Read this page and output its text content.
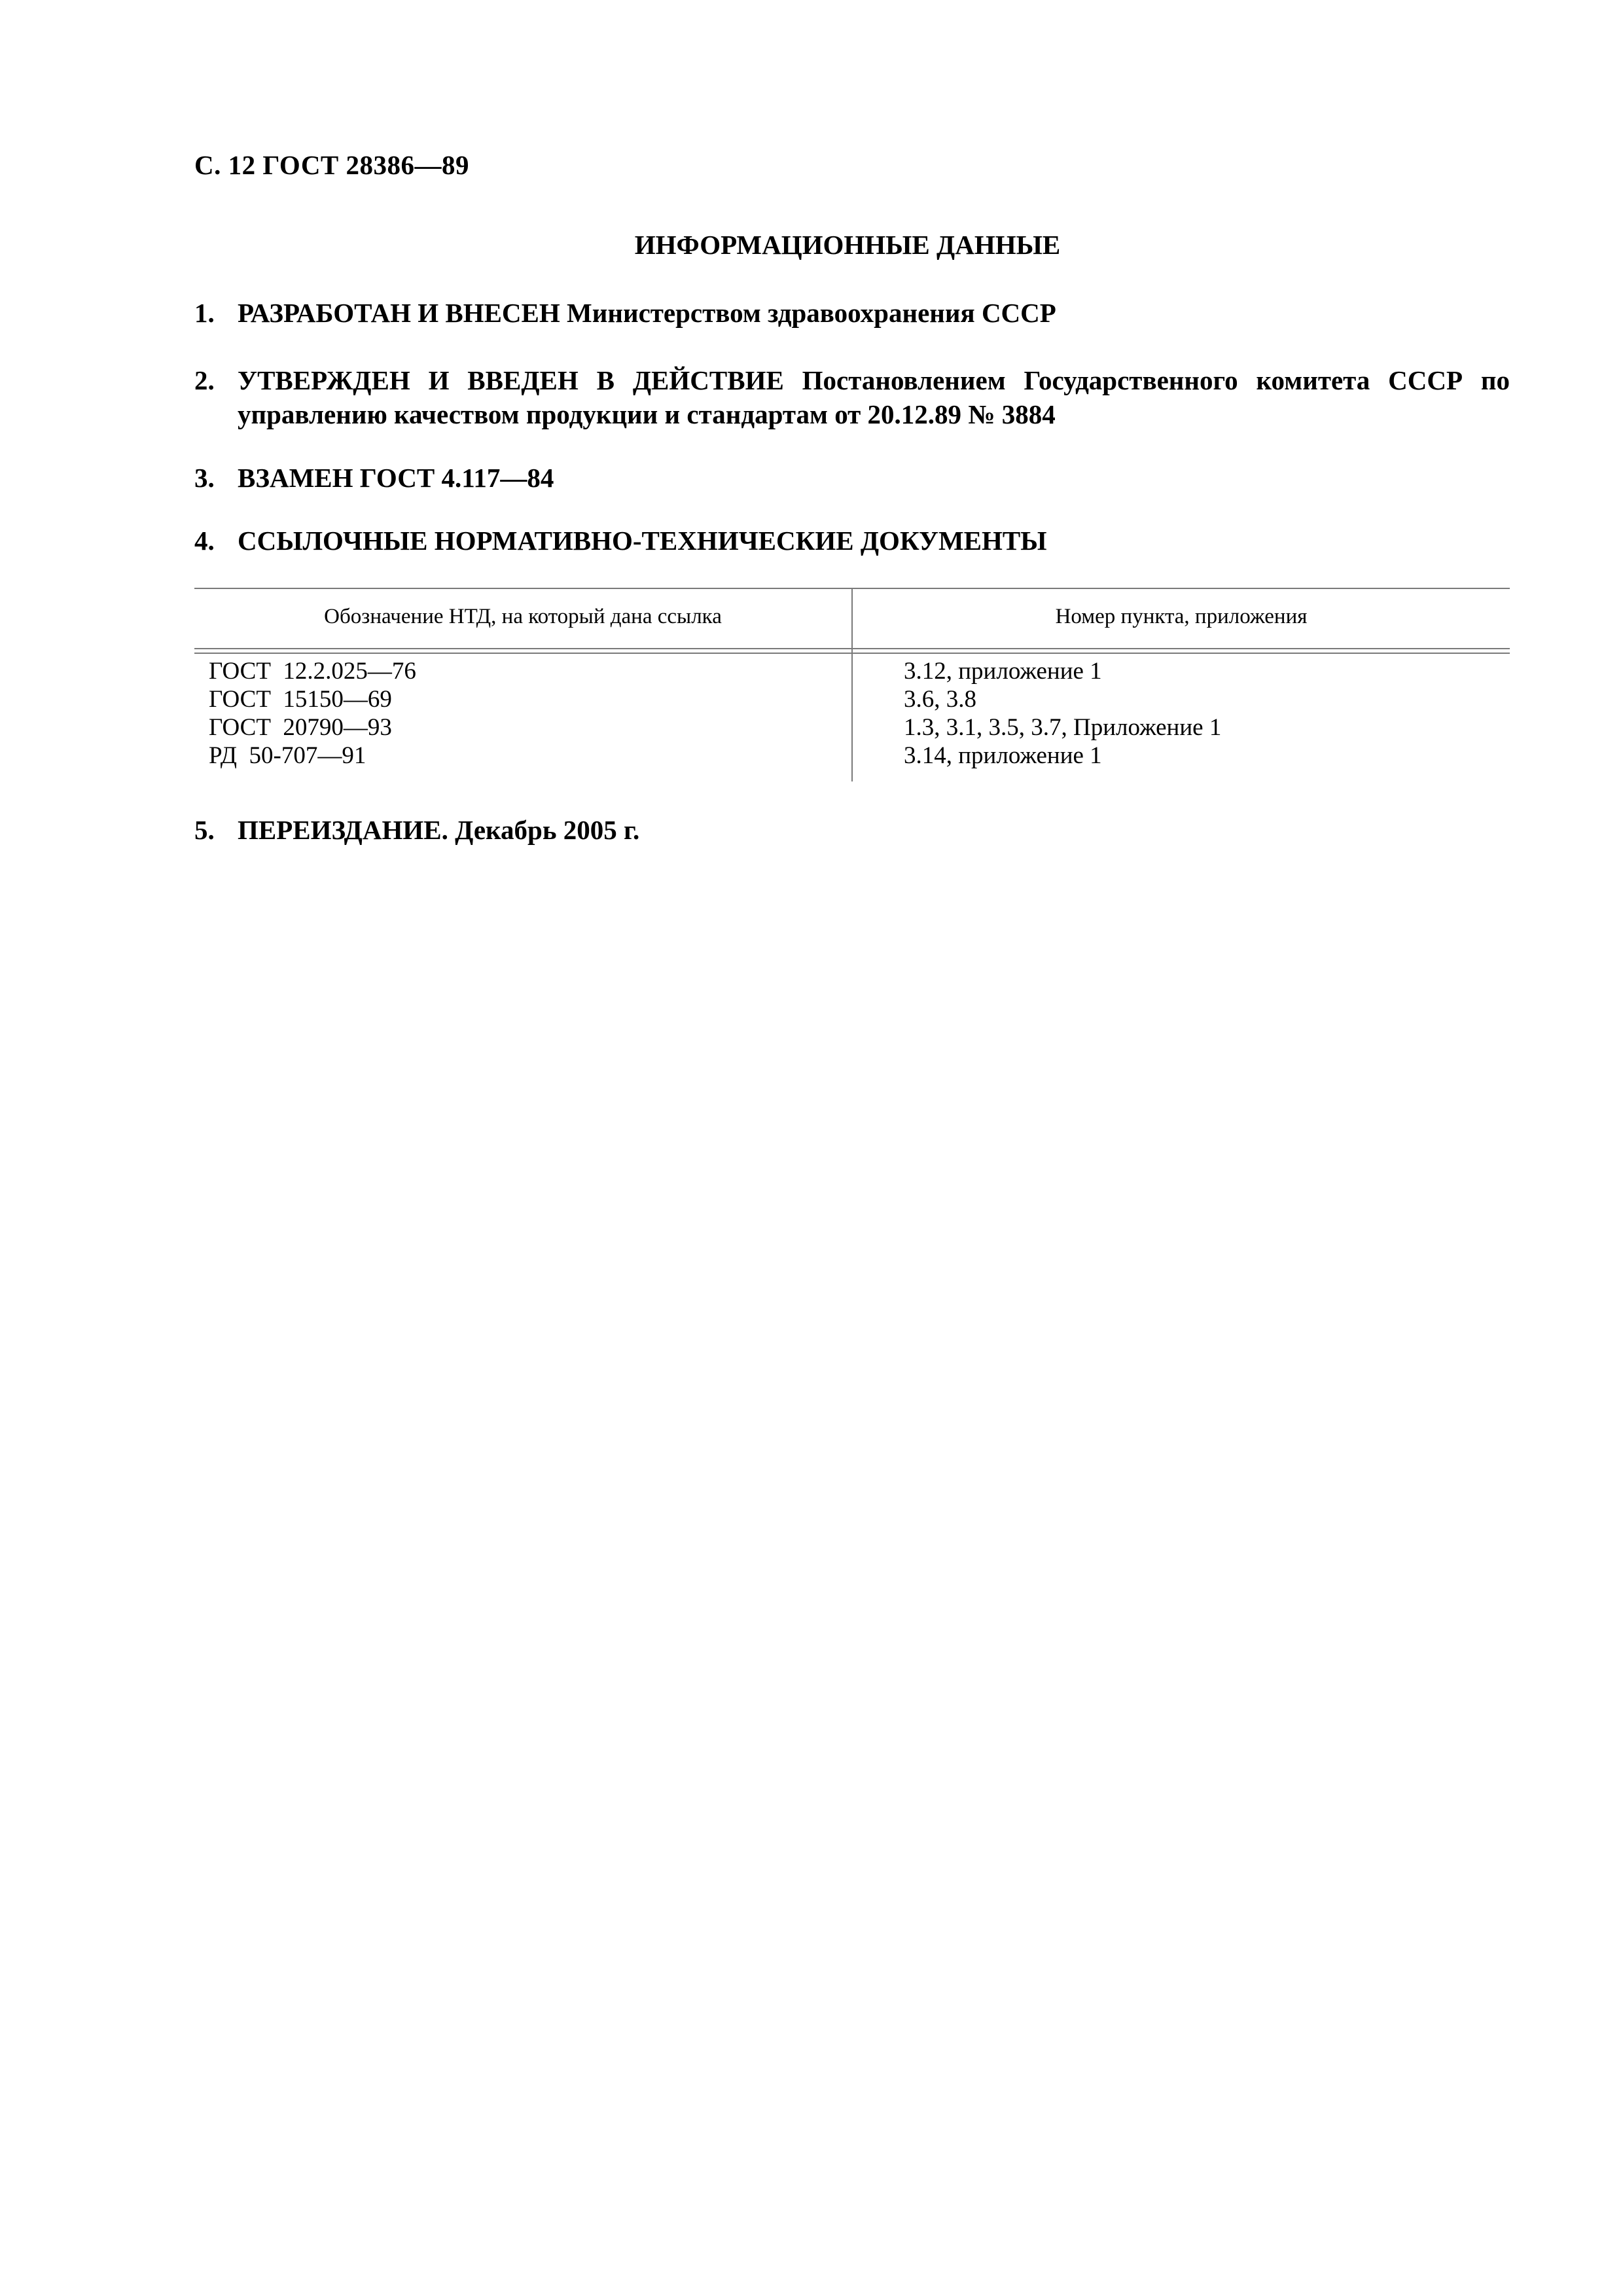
С. 12 ГОСТ 28386—89
ИНФОРМАЦИОННЫЕ ДАННЫЕ
1. РАЗРАБОТАН И ВНЕСЕН Министерством здравоохранения СССР
2. УТВЕРЖДЕН И ВВЕДЕН В ДЕЙСТВИЕ Постановлением Государственного комитета СССР по управлению качеством продукции и стандартам от 20.12.89 № 3884
3. ВЗАМЕН ГОСТ 4.117—84
4. ССЫЛОЧНЫЕ НОРМАТИВНО-ТЕХНИЧЕСКИЕ ДОКУМЕНТЫ
Обозначение НТД, на который дана ссылка	Номер пункта, приложения
ГОСТ  12.2.025—76	3.12, приложение 1
ГОСТ  15150—69	3.6, 3.8
ГОСТ  20790—93	1.3, 3.1, 3.5, 3.7, Приложение 1
РД  50-707—91	3.14, приложение 1
5. ПЕРЕИЗДАНИЕ. Декабрь 2005 г.
